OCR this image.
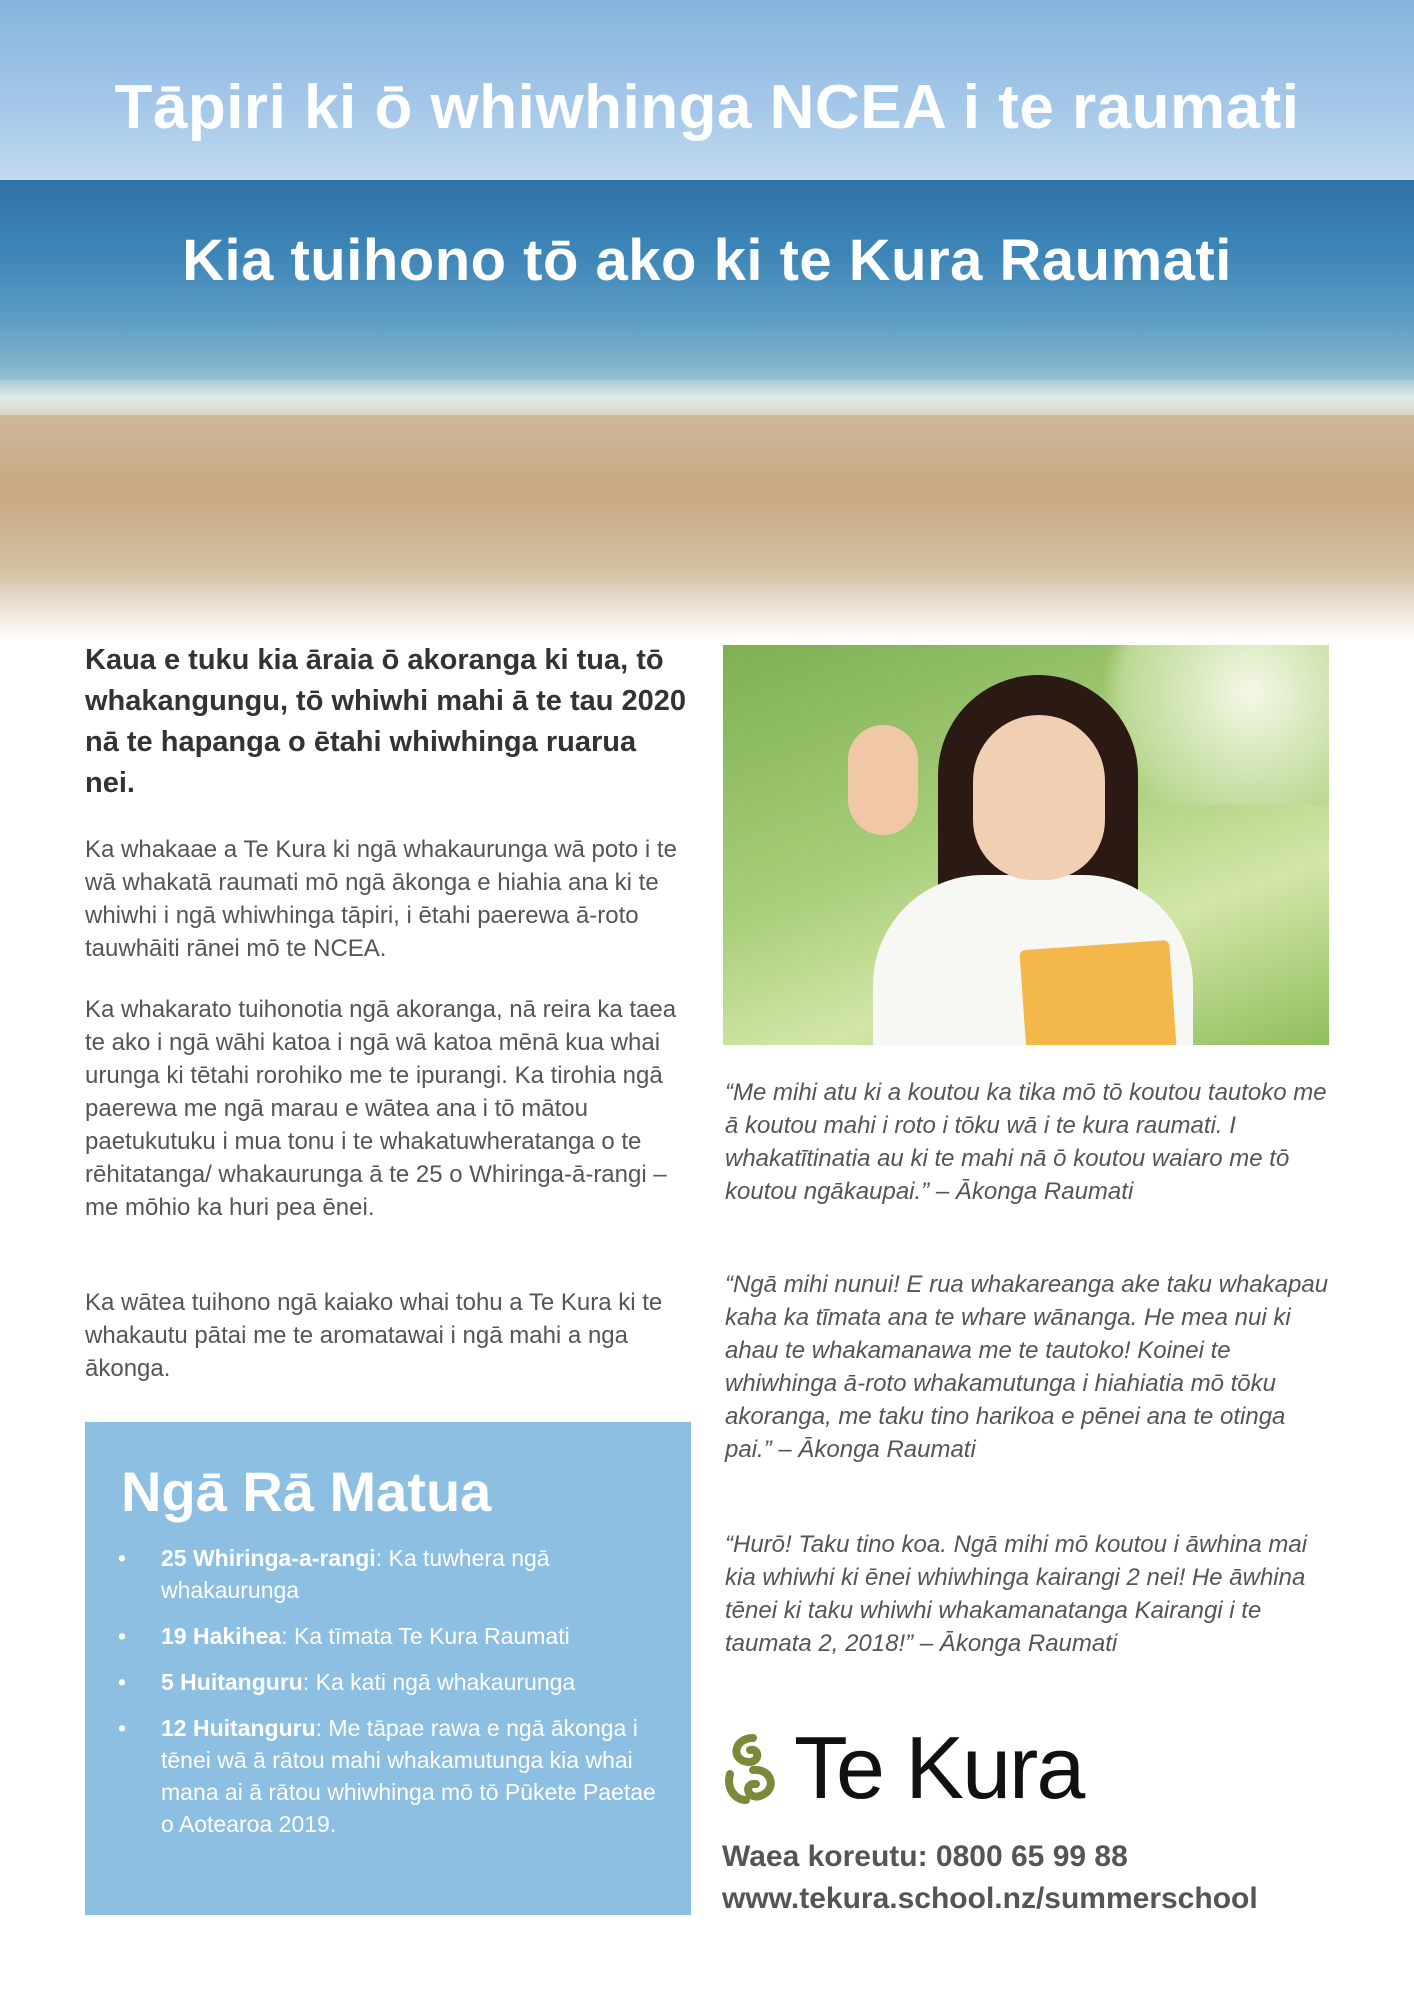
Tāpiri ki ō whiwhinga NCEA i te raumati
Kia tuihono tō ako ki te Kura Raumati

Kaua e tuku kia āraia ō akoranga ki tua, tō whakangungu, tō whiwhi mahi ā te tau 2020 nā te hapanga o ētahi whiwhinga ruarua nei.

Ka whakaae a Te Kura ki ngā whakaurunga wā poto i te wā whakatā raumati mō ngā ākonga e hiahia ana ki te whiwhi i ngā whiwhinga tāpiri, i ētahi paerewa ā-roto tauwhāiti rānei mō te NCEA.

Ka whakarato tuihonotia ngā akoranga, nā reira ka taea te ako i ngā wāhi katoa i ngā wā katoa mēnā kua whai urunga ki tētahi rorohiko me te ipurangi. Ka tirohia ngā paerewa me ngā marau e wātea ana i tō mātou paetukutuku i mua tonu i te whakatuwheratanga o te rēhitatanga/ whakaurunga ā te 25 o Whiringa-ā-rangi – me mōhio ka huri pea ēnei.

Ka wātea tuihono ngā kaiako whai tohu a Te Kura ki te whakautu pātai me te aromatawai i ngā mahi a nga ākonga.

Ngā Rā Matua
• 25 Whiringa-a-rangi: Ka tuwhera ngā whakaurunga
• 19 Hakihea: Ka tīmata Te Kura Raumati
• 5 Huitanguru: Ka kati ngā whakaurunga
• 12 Huitanguru: Me tāpae rawa e ngā ākonga i tēnei wā ā rātou mahi whakamutunga kia whai mana ai ā rātou whiwhinga mō tō Pūkete Paetae o Aotearoa 2019.

“Me mihi atu ki a koutou ka tika mō tō koutou tautoko me ā koutou mahi i roto i tōku wā i te kura raumati. I whakatītinatia au ki te mahi nā ō koutou waiaro me tō koutou ngākaupai.” – Ākonga Raumati

“Ngā mihi nunui! E rua whakareanga ake taku whakapau kaha ka tīmata ana te whare wānanga. He mea nui ki ahau te whakamanawa me te tautoko! Koinei te whiwhinga ā-roto whakamutunga i hiahiatia mō tōku akoranga, me taku tino harikoa e pēnei ana te otinga pai.” – Ākonga Raumati

“Hurō! Taku tino koa. Ngā mihi mō koutou i āwhina mai kia whiwhi ki ēnei whiwhinga kairangi 2 nei! He āwhina tēnei ki taku whiwhi whakamanatanga Kairangi i te taumata 2, 2018!” – Ākonga Raumati

Te Kura

Waea koreutu: 0800 65 99 88

www.tekura.school.nz/summerschool
